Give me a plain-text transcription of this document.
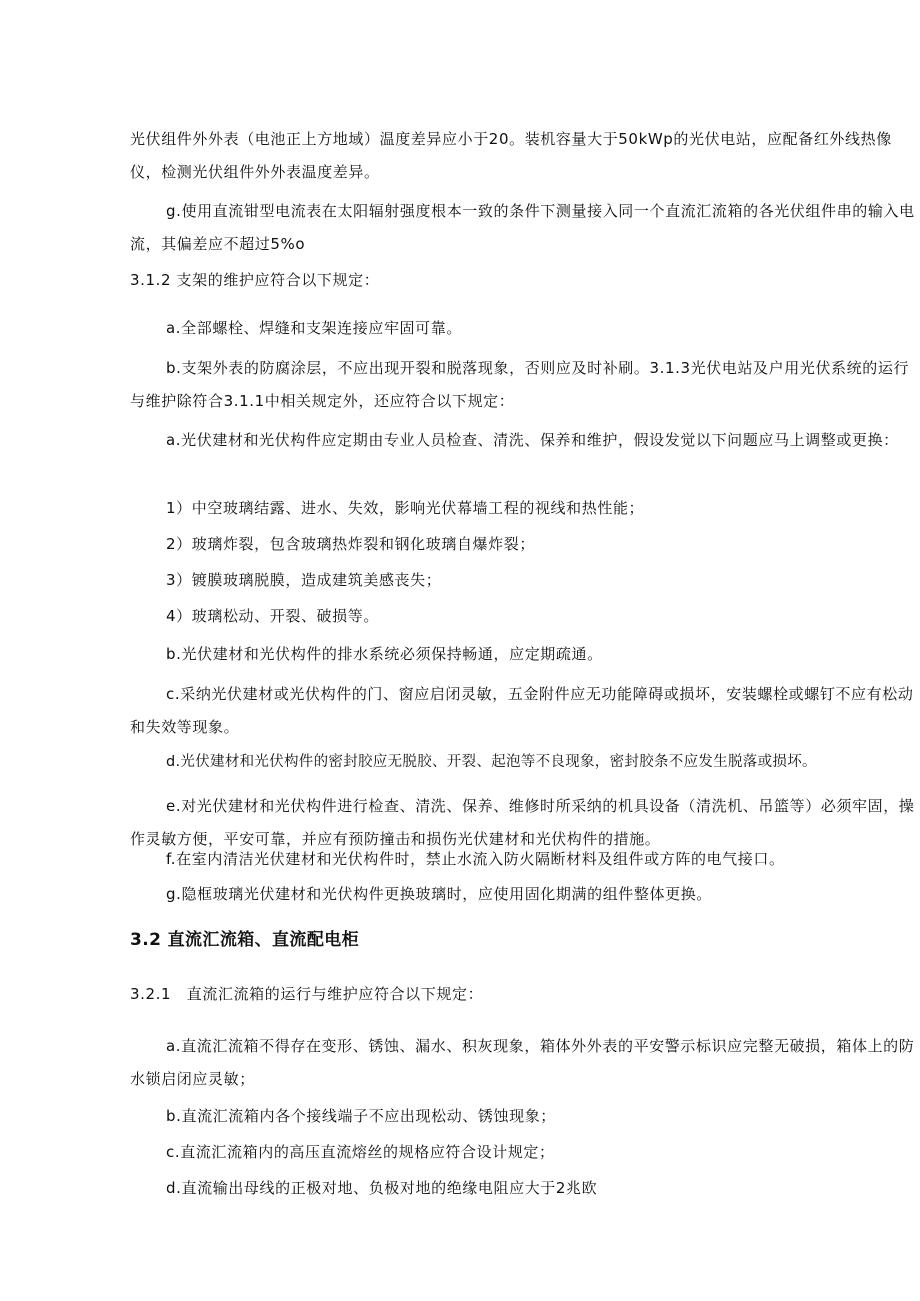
光伏组件外外表（电池正上方地域）温度差异应小于20。装机容量大于50kWp的光伏电站，应配备红外线热像仪，检测光伏组件外外表温度差异。

g.使用直流钳型电流表在太阳辐射强度根本一致的条件下测量接入同一个直流汇流箱的各光伏组件串的输入电流，其偏差应不超过5%o

3.1.2 支架的维护应符合以下规定：

a.全部螺栓、焊缝和支架连接应牢固可靠。

b.支架外表的防腐涂层，不应出现开裂和脱落现象，否则应及时补刷。3.1.3光伏电站及户用光伏系统的运行与维护除符合3.1.1中相关规定外，还应符合以下规定：

a.光伏建材和光伏构件应定期由专业人员检查、清洗、保养和维护，假设发觉以下问题应马上调整或更换：

1）中空玻璃结露、进水、失效，影响光伏幕墙工程的视线和热性能；

2）玻璃炸裂，包含玻璃热炸裂和钢化玻璃自爆炸裂；

3）镀膜玻璃脱膜，造成建筑美感丧失；

4）玻璃松动、开裂、破损等。

b.光伏建材和光伏构件的排水系统必须保持畅通，应定期疏通。

c.采纳光伏建材或光伏构件的门、窗应启闭灵敏，五金附件应无功能障碍或损坏，安装螺栓或螺钉不应有松动和失效等现象。

d.光伏建材和光伏构件的密封胶应无脱胶、开裂、起泡等不良现象，密封胶条不应发生脱落或损坏。

e.对光伏建材和光伏构件进行检查、清洗、保养、维修时所采纳的机具设备（清洗机、吊篮等）必须牢固，操作灵敏方便，平安可靠，并应有预防撞击和损伤光伏建材和光伏构件的措施。

f.在室内清洁光伏建材和光伏构件时，禁止水流入防火隔断材料及组件或方阵的电气接口。

g.隐框玻璃光伏建材和光伏构件更换玻璃时，应使用固化期满的组件整体更换。

3.2 直流汇流箱、直流配电柜

3.2.1　直流汇流箱的运行与维护应符合以下规定：

a.直流汇流箱不得存在变形、锈蚀、漏水、积灰现象，箱体外外表的平安警示标识应完整无破损，箱体上的防水锁启闭应灵敏；

b.直流汇流箱内各个接线端子不应出现松动、锈蚀现象；

c.直流汇流箱内的高压直流熔丝的规格应符合设计规定；

d.直流输出母线的正极对地、负极对地的绝缘电阻应大于2兆欧
